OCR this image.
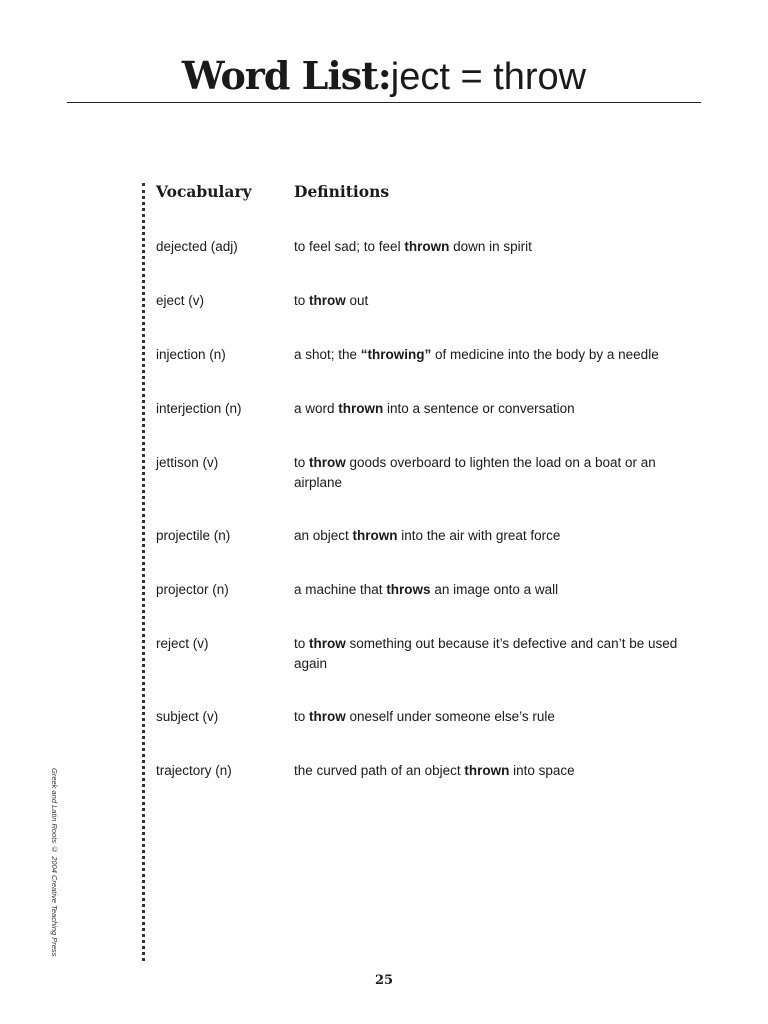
Word List:ject = throw
Greek and Latin Roots © 2004 Creative Teaching Press
Vocabulary	Definitions
dejected (adj)	to feel sad; to feel thrown down in spirit
eject (v)	to throw out
injection (n)	a shot; the “throwing” of medicine into the body by a needle
interjection (n)	a word thrown into a sentence or conversation
jettison (v)	to throw goods overboard to lighten the load on a boat or an airplane
projectile (n)	an object thrown into the air with great force
projector (n)	a machine that throws an image onto a wall
reject (v)	to throw something out because it’s defective and can’t be used again
subject (v)	to throw oneself under someone else’s rule
trajectory (n)	the curved path of an object thrown into space
25
